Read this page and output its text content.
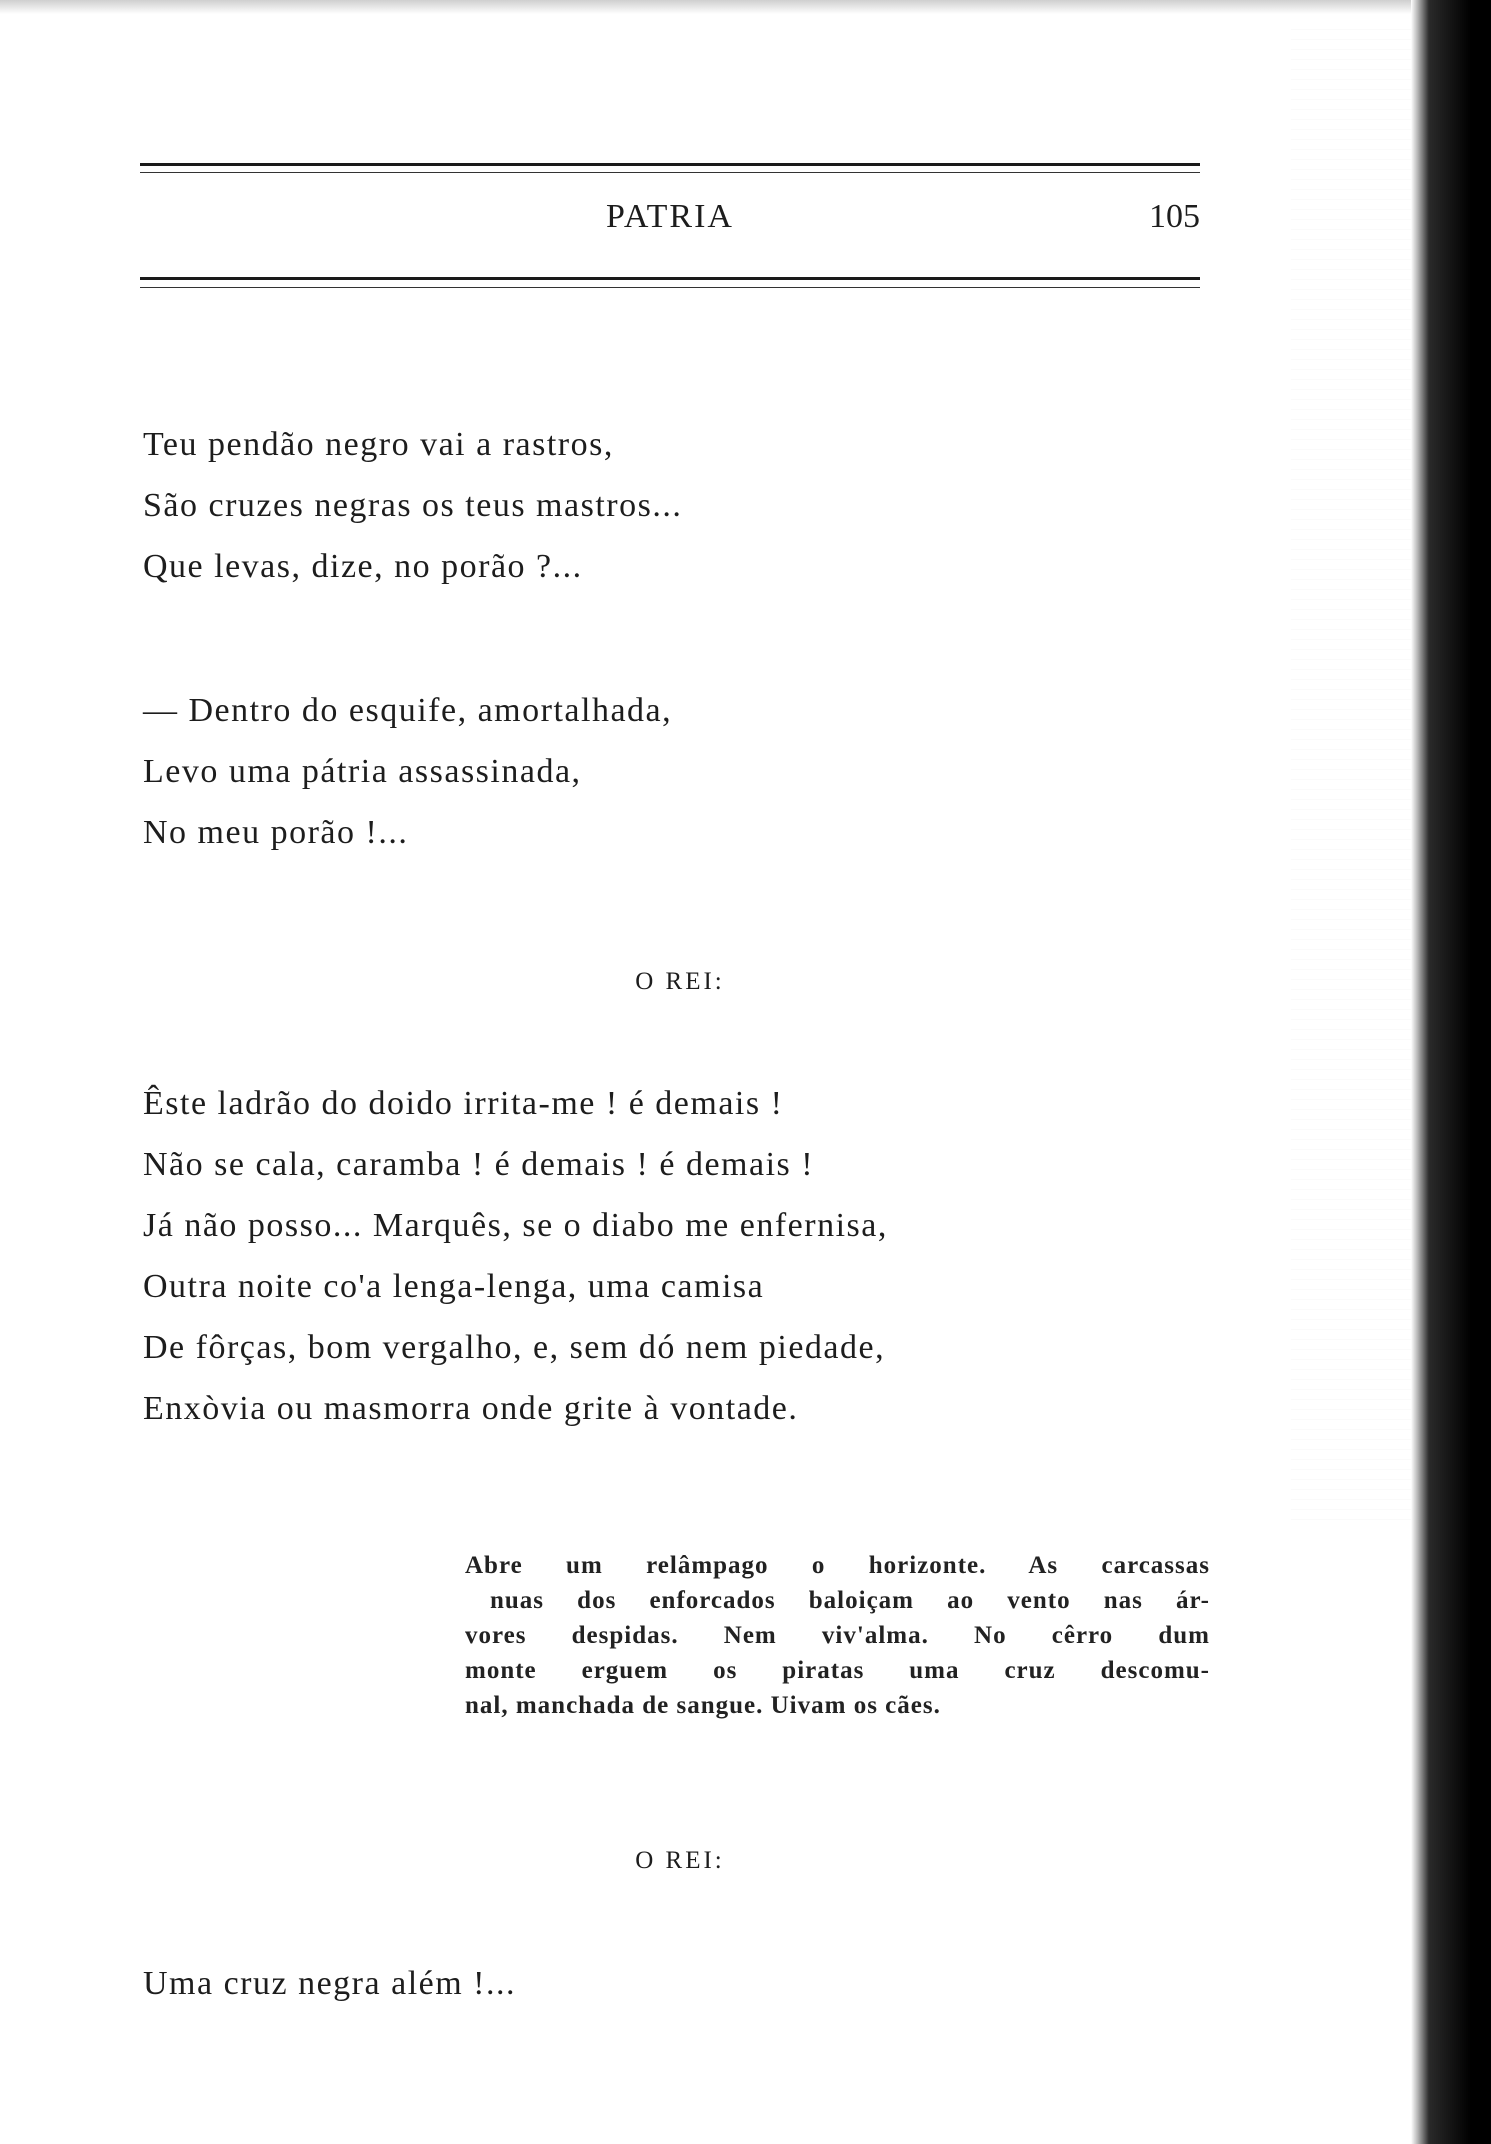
PATRIA	105
Teu pendão negro vai a rastros,
São cruzes negras os teus mastros...
Que levas, dize, no porão ?...
— Dentro do esquife, amortalhada,
Levo uma pátria assassinada,
No meu porão !...
O REI:
Êste ladrão do doido irrita-me ! é demais !
Não se cala, caramba ! é demais ! é demais !
Já não posso... Marquês, se o diabo me enfernisa,
Outra noite co'a lenga-lenga, uma camisa
De fôrças, bom vergalho, e, sem dó nem piedade,
Enxòvia ou masmorra onde grite à vontade.
Abre um relâmpago o horizonte. As carcassas
nuas dos enforcados baloiçam ao vento nas ár-
vores despidas. Nem viv'alma. No cêrro dum
monte erguem os piratas uma cruz descomu-
nal, manchada de sangue. Uivam os cães.
O REI:
Uma cruz negra além !...
